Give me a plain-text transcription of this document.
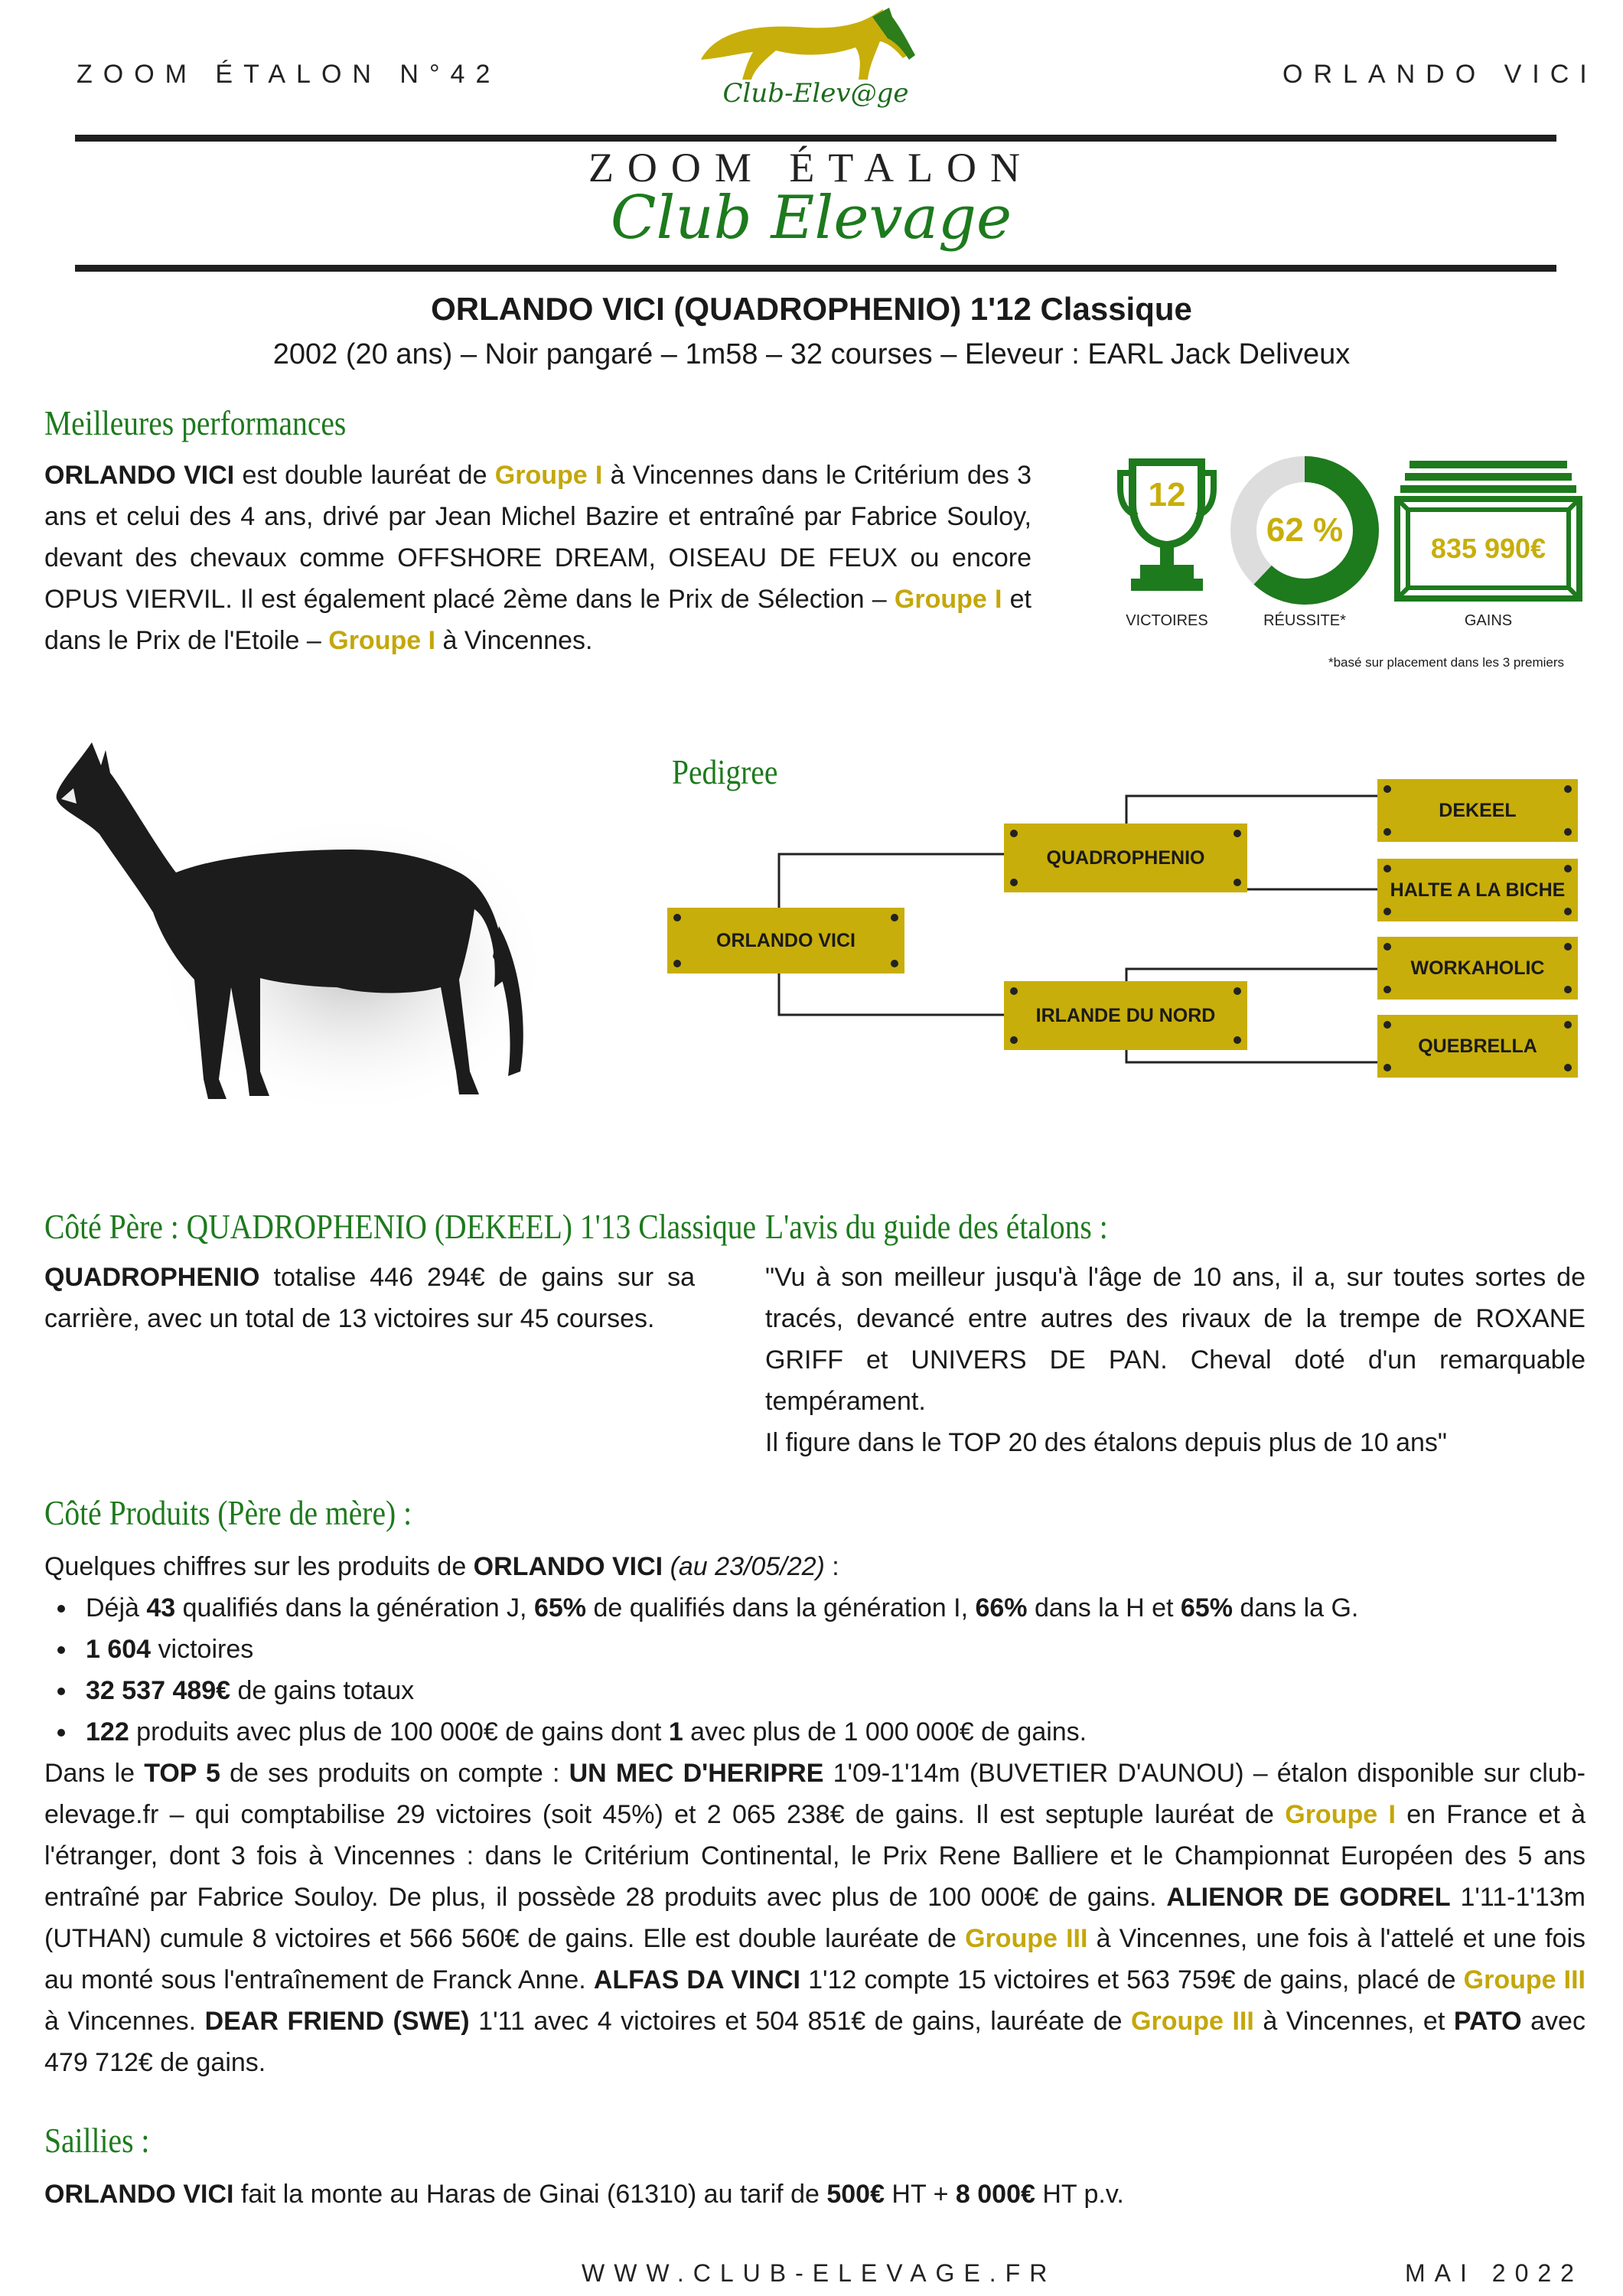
ZOOM ÉTALON N°42	ORLANDO VICI
Club-Elev@ge
ZOOM ÉTALON
Club Elevage
ORLANDO VICI (QUADROPHENIO) 1'12 Classique
2002 (20 ans) – Noir pangaré – 1m58 – 32 courses – Eleveur : EARL Jack Deliveux
Meilleures performances
ORLANDO VICI est double lauréat de Groupe I à Vincennes dans le Critérium des 3 ans et celui des 4 ans, drivé par Jean Michel Bazire et entraîné par Fabrice Souloy, devant des chevaux comme OFFSHORE DREAM, OISEAU DE FEUX ou encore OPUS VIERVIL. Il est également placé 2ème dans le Prix de Sélection – Groupe I et dans le Prix de l'Etoile – Groupe I à Vincennes.
12
VICTOIRES
62 %
RÉUSSITE*
835 990€
GAINS
*basé sur placement dans les 3 premiers
Pedigree
ORLANDO VICI
QUADROPHENIO
IRLANDE DU NORD
DEKEEL
HALTE A LA BICHE
WORKAHOLIC
QUEBRELLA
Côté Père : QUADROPHENIO (DEKEEL) 1'13 Classique
QUADROPHENIO totalise 446 294€ de gains sur sa carrière, avec un total de 13 victoires sur 45 courses.
L'avis du guide des étalons :
"Vu à son meilleur jusqu'à l'âge de 10 ans, il a, sur toutes sortes de tracés, devancé entre autres des rivaux de la trempe de ROXANE GRIFF et UNIVERS DE PAN. Cheval doté d'un remarquable tempérament.
Il figure dans le TOP 20 des étalons depuis plus de 10 ans"
Côté Produits (Père de mère) :
Quelques chiffres sur les produits de ORLANDO VICI (au 23/05/22) :
• Déjà 43 qualifiés dans la génération J, 65% de qualifiés dans la génération I, 66% dans la H et 65% dans la G.
• 1 604 victoires
• 32 537 489€ de gains totaux
• 122 produits avec plus de 100 000€ de gains dont 1 avec plus de 1 000 000€ de gains.
Dans le TOP 5 de ses produits on compte : UN MEC D'HERIPRE 1'09-1'14m (BUVETIER D'AUNOU) – étalon disponible sur club-elevage.fr – qui comptabilise 29 victoires (soit 45%) et 2 065 238€ de gains. Il est septuple lauréat de Groupe I en France et à l'étranger, dont 3 fois à Vincennes : dans le Critérium Continental, le Prix Rene Balliere et le Championnat Européen des 5 ans entraîné par Fabrice Souloy. De plus, il possède 28 produits avec plus de 100 000€ de gains. ALIENOR DE GODREL 1'11-1'13m (UTHAN) cumule 8 victoires et 566 560€ de gains. Elle est double lauréate de Groupe III à Vincennes, une fois à l'attelé et une fois au monté sous l'entraînement de Franck Anne. ALFAS DA VINCI 1'12 compte 15 victoires et 563 759€ de gains, placé de Groupe III à Vincennes. DEAR FRIEND (SWE) 1'11 avec 4 victoires et 504 851€ de gains, lauréate de Groupe III à Vincennes, et PATO avec 479 712€ de gains.
Saillies :
ORLANDO VICI fait la monte au Haras de Ginai (61310) au tarif de 500€ HT + 8 000€ HT p.v.
WWW.CLUB-ELEVAGE.FR	MAI 2022
